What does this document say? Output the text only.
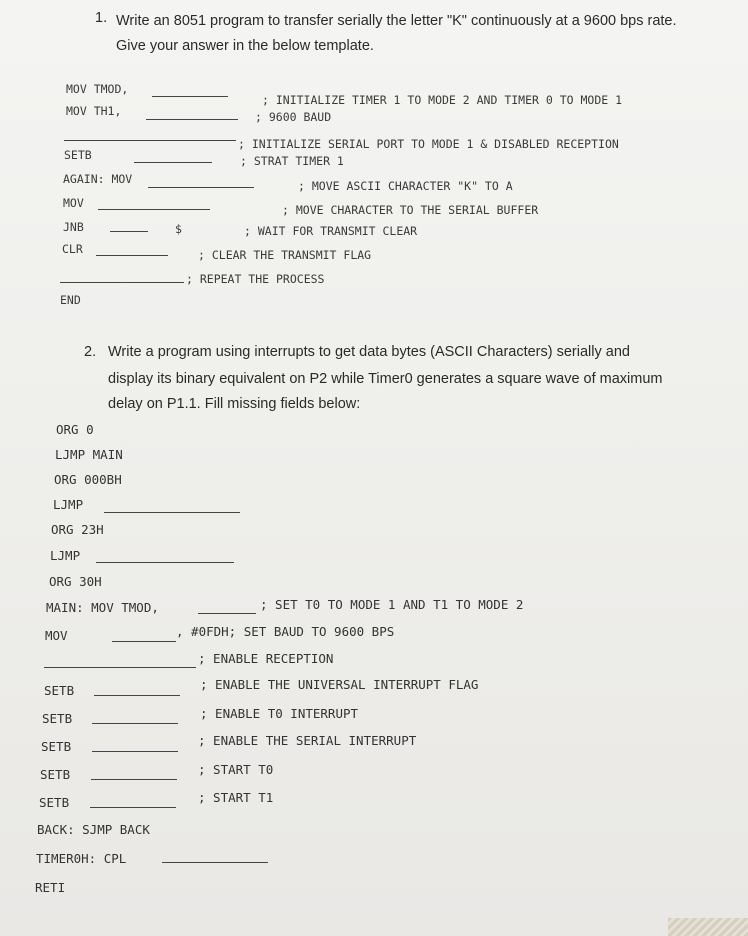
1. Write an 8051 program to transfer serially the letter "K" continuously at a 9600 bps rate.
Give your answer in the below template.
MOV TMOD,
; INITIALIZE TIMER 1 TO MODE 2 AND TIMER 0 TO MODE 1
MOV TH1,	; 9600 BAUD
; INITIALIZE SERIAL PORT TO MODE 1 & DISABLED RECEPTION
SETB	; STRAT TIMER 1
AGAIN: MOV	; MOVE ASCII CHARACTER "K" TO A
MOV	; MOVE CHARACTER TO THE SERIAL BUFFER
JNB	$	; WAIT FOR TRANSMIT CLEAR
CLR	; CLEAR THE TRANSMIT FLAG
; REPEAT THE PROCESS
END
2. Write a program using interrupts to get data bytes (ASCII Characters) serially and
display its binary equivalent on P2 while Timer0 generates a square wave of maximum
delay on P1.1. Fill missing fields below:
ORG 0
LJMP MAIN
ORG 000BH
LJMP
ORG 23H
LJMP
ORG 30H
MAIN: MOV TMOD,	; SET T0 TO MODE 1 AND T1 TO MODE 2
MOV	, #0FDH; SET BAUD TO 9600 BPS
; ENABLE RECEPTION
SETB	; ENABLE THE UNIVERSAL INTERRUPT FLAG
SETB	; ENABLE T0 INTERRUPT
SETB	; ENABLE THE SERIAL INTERRUPT
SETB	; START T0
SETB	; START T1
BACK: SJMP BACK
TIMER0H: CPL
RETI
